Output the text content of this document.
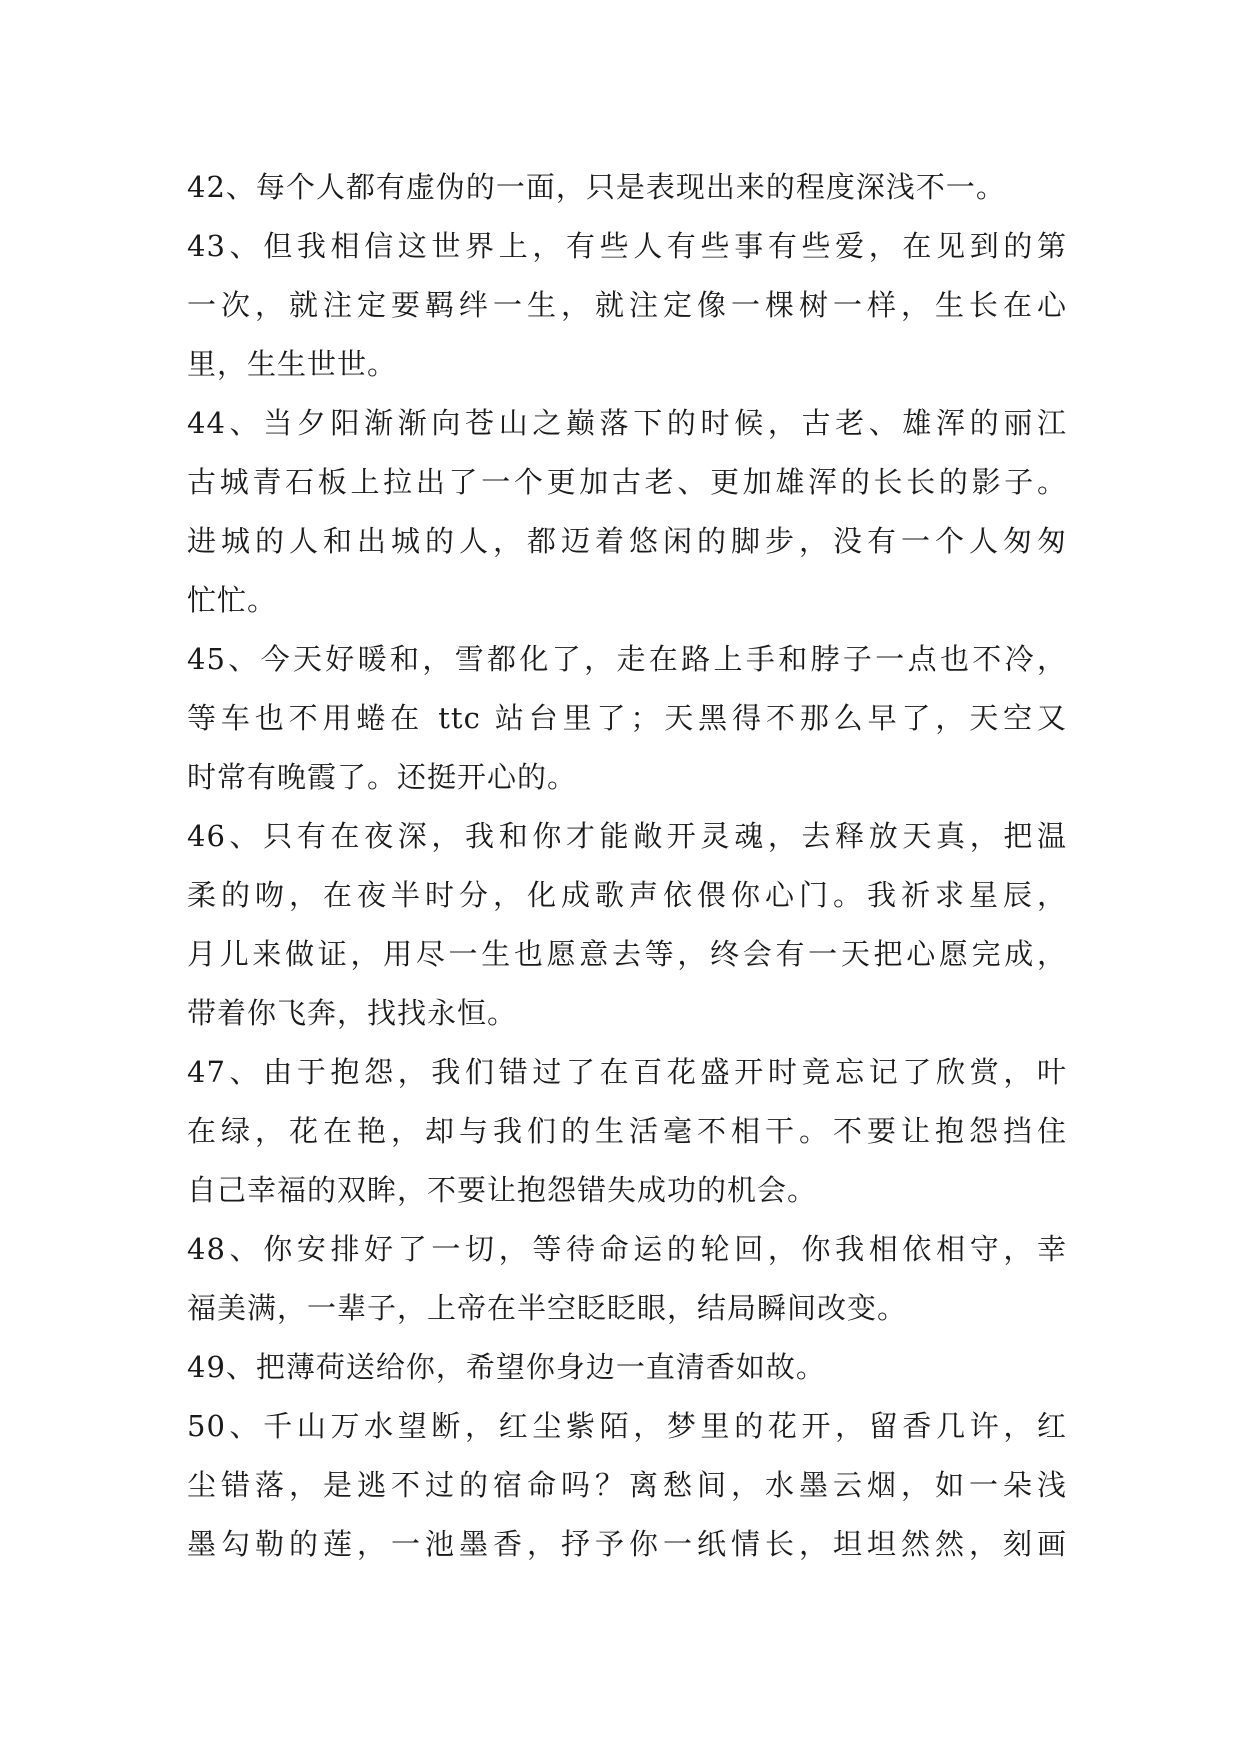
42、每个人都有虚伪的一面，只是表现出来的程度深浅不一。
43、但我相信这世界上，有些人有些事有些爱，在见到的第
一次，就注定要羁绊一生，就注定像一棵树一样，生长在心
里，生生世世。
44、当夕阳渐渐向苍山之巅落下的时候，古老、雄浑的丽江
古城青石板上拉出了一个更加古老、更加雄浑的长长的影子。
进城的人和出城的人，都迈着悠闲的脚步，没有一个人匆匆
忙忙。
45、今天好暖和，雪都化了，走在路上手和脖子一点也不冷，
等车也不用蜷在 ttc 站台里了；天黑得不那么早了，天空又
时常有晚霞了。还挺开心的。
46、只有在夜深，我和你才能敞开灵魂，去释放天真，把温
柔的吻，在夜半时分，化成歌声依偎你心门。我祈求星辰，
月儿来做证，用尽一生也愿意去等，终会有一天把心愿完成，
带着你飞奔，找找永恒。
47、由于抱怨，我们错过了在百花盛开时竟忘记了欣赏，叶
在绿，花在艳，却与我们的生活毫不相干。不要让抱怨挡住
自己幸福的双眸，不要让抱怨错失成功的机会。
48、你安排好了一切，等待命运的轮回，你我相依相守，幸
福美满，一辈子，上帝在半空眨眨眼，结局瞬间改变。
49、把薄荷送给你，希望你身边一直清香如故。
50、千山万水望断，红尘紫陌，梦里的花开，留香几许，红
尘错落，是逃不过的宿命吗？离愁间，水墨云烟，如一朵浅
墨勾勒的莲，一池墨香，抒予你一纸情长，坦坦然然，刻画
